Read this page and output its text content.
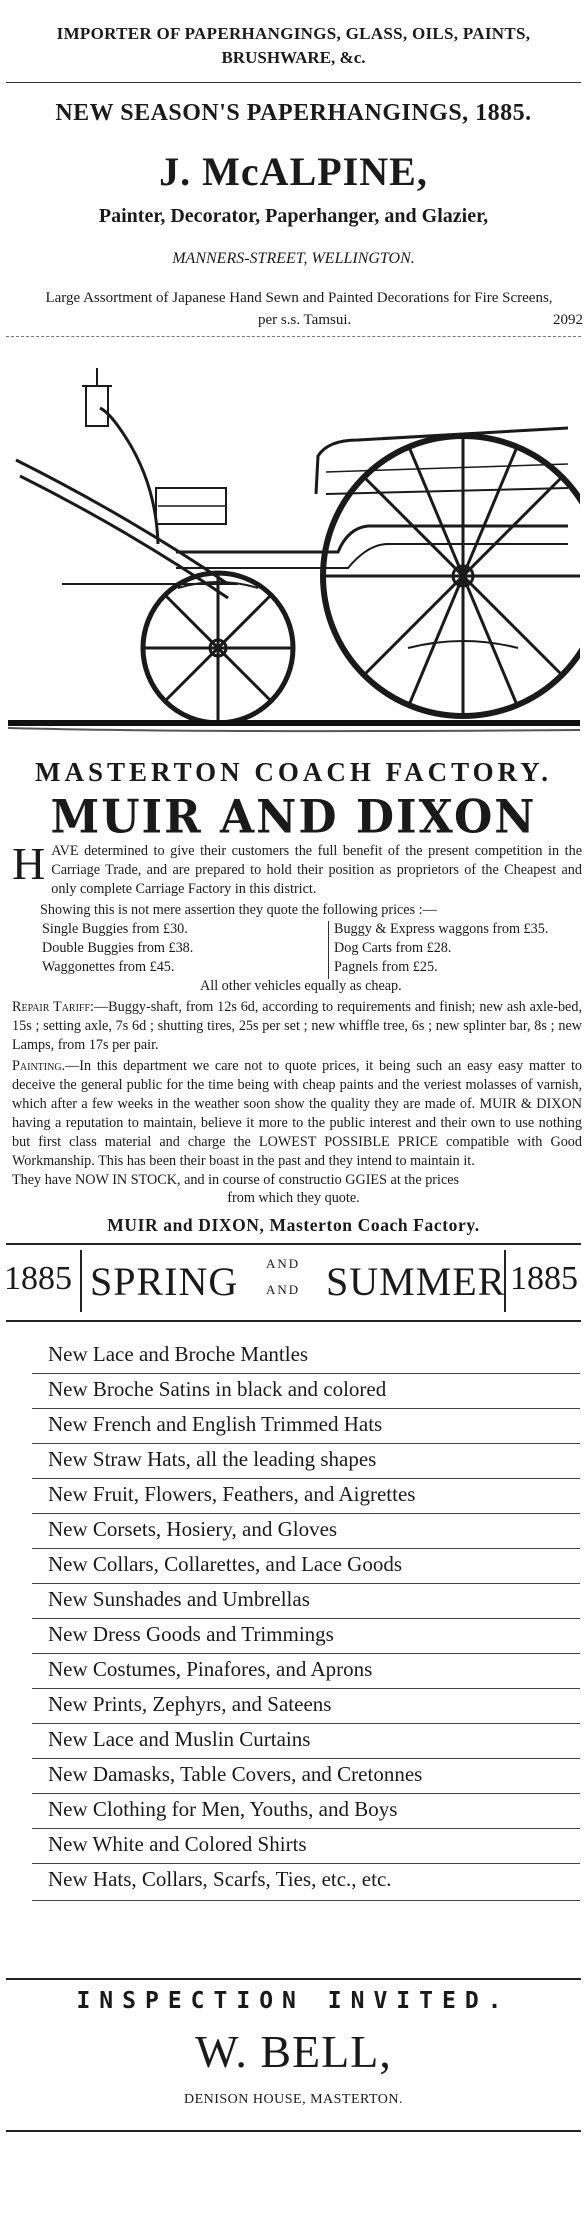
IMPORTER OF PAPERHANGINGS, GLASS, OILS, PAINTS,
BRUSHWARE, &c.
NEW SEASON'S PAPERHANGINGS, 1885.
J. McALPINE,
Painter, Decorator, Paperhanger, and Glazier,
MANNERS-STREET, WELLINGTON.
Large Assortment of Japanese Hand Sewn and Painted Decorations for Fire Screens,
per s.s. Tamsui.	2092
MASTERTON COACH FACTORY.
MUIR AND DIXON
H AVE determined to give their customers the full benefit of the present competition in the Carriage Trade, and are prepared to hold their position as proprietors of the Cheapest and only complete Carriage Factory in this district.
Showing this is not mere assertion they quote the following prices :—
Single Buggies from £30.
Double Buggies from £38.
Waggonettes from £45.
Buggy & Express waggons from £35.
Dog Carts from £28.
Pagnels from £25.
All other vehicles equally as cheap.
Repair Tariff:—Buggy-shaft, from 12s 6d, according to requirements and finish; new ash axle-bed, 15s ; setting axle, 7s 6d ; shutting tires, 25s per set ; new whiffle tree, 6s ; new splinter bar, 8s ; new Lamps, from 17s per pair.
Painting.—In this department we care not to quote prices, it being such an easy easy matter to deceive the general public for the time being with cheap paints and the veriest molasses of varnish, which after a few weeks in the weather soon show the quality they are made of. MUIR & DIXON having a reputation to maintain, believe it more to the public interest and their own to use nothing but first class material and charge the LOWEST POSSIBLE PRICE compatible with Good Workmanship. This has been their boast in the past and they intend to maintain it.
They have NOW IN STOCK, and in course of constructio GGIES at the prices
from which they quote.
MUIR and DIXON, Masterton Coach Factory.
1885 SPRING AND
AND SUMMER 1885
New Lace and Broche Mantles
New Broche Satins in black and colored
New French and English Trimmed Hats
New Straw Hats, all the leading shapes
New Fruit, Flowers, Feathers, and Aigrettes
New Corsets, Hosiery, and Gloves
New Collars, Collarettes, and Lace Goods
New Sunshades and Umbrellas
New Dress Goods and Trimmings
New Costumes, Pinafores, and Aprons
New Prints, Zephyrs, and Sateens
New Lace and Muslin Curtains
New Damasks, Table Covers, and Cretonnes
New Clothing for Men, Youths, and Boys
New White and Colored Shirts
New Hats, Collars, Scarfs, Ties, etc., etc.
INSPECTION INVITED.
W. BELL,
DENISON HOUSE, MASTERTON.
